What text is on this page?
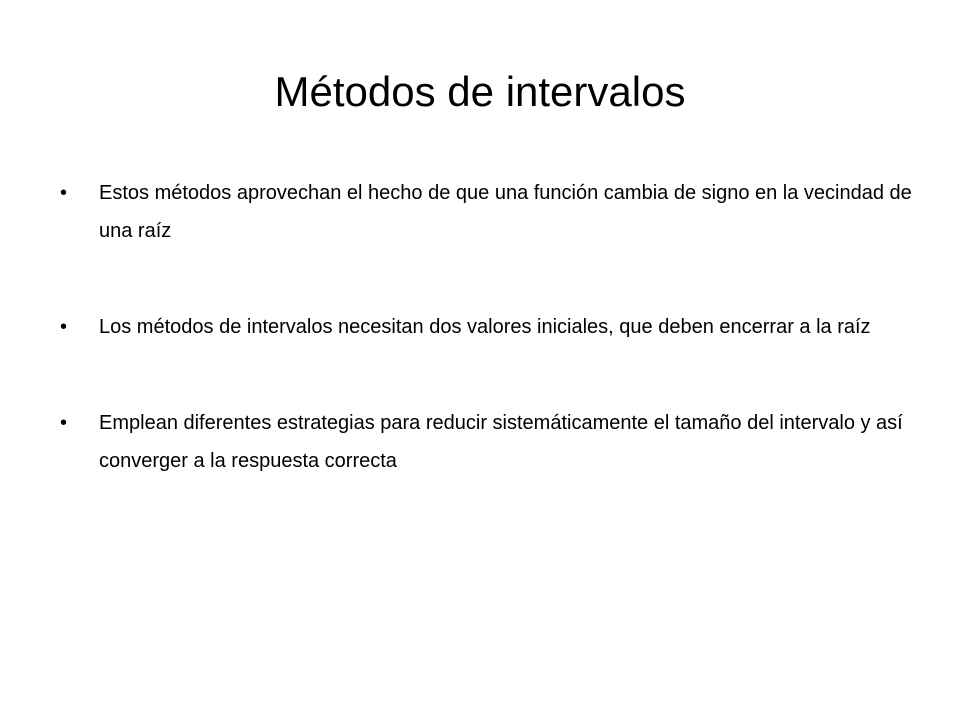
Métodos de intervalos
•	Estos métodos aprovechan el hecho de que una función cambia de signo en la vecindad de una raíz
•	Los métodos de intervalos necesitan dos valores iniciales, que deben encerrar a la raíz
•	Emplean diferentes estrategias para reducir sistemáticamente el tamaño del intervalo y así converger a la respuesta correcta
